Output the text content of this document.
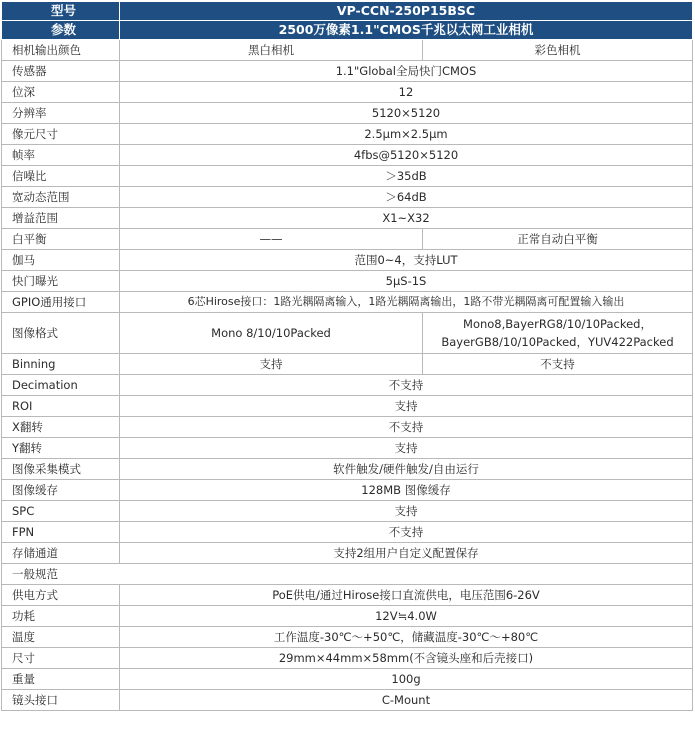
型号	VP-CCN-250P15BSC	
参数	2500万像素1.1"CMOS千兆以太网工业相机	
相机输出颜色	黑白相机	彩色相机
传感器	1.1"Global全局快门CMOS	
位深	12	
分辨率	5120×5120	
像元尺寸	2.5μm×2.5μm	
帧率	4fbs@5120×5120	
信噪比	＞35dB	
宽动态范围	＞64dB	
增益范围	X1~X32	
白平衡	——	正常自动白平衡
伽马	范围0~4，支持LUT	
快门曝光	5μS-1S	
GPIO通用接口	6芯Hirose接口：1路光耦隔离输入，1路光耦隔离输出，1路不带光耦隔离可配置输入输出	
图像格式	Mono 8/10/10Packed	Mono8,BayerRG8/10/10Packed，
BayerGB8/10/10Packed，YUV422Packed

Binning	支持	不支持
Decimation	不支持	
ROI	支持	
X翻转	不支持	
Y翻转	支持	
图像采集模式	软件触发/硬件触发/自由运行	
图像缓存	128MB 图像缓存	
SPC	支持	
FPN	不支持	
存储通道	支持2组用户自定义配置保存	
一般规范		
供电方式	PoE供电/通过Hirose接口直流供电，电压范围6-26V	
功耗	12V≒4.0W	
温度	工作温度-30℃～+50℃，储藏温度-30℃～+80℃	
尺寸	29mm×44mm×58mm(不含镜头座和后壳接口)	
重量	100g	
镜头接口	C-Mount	
